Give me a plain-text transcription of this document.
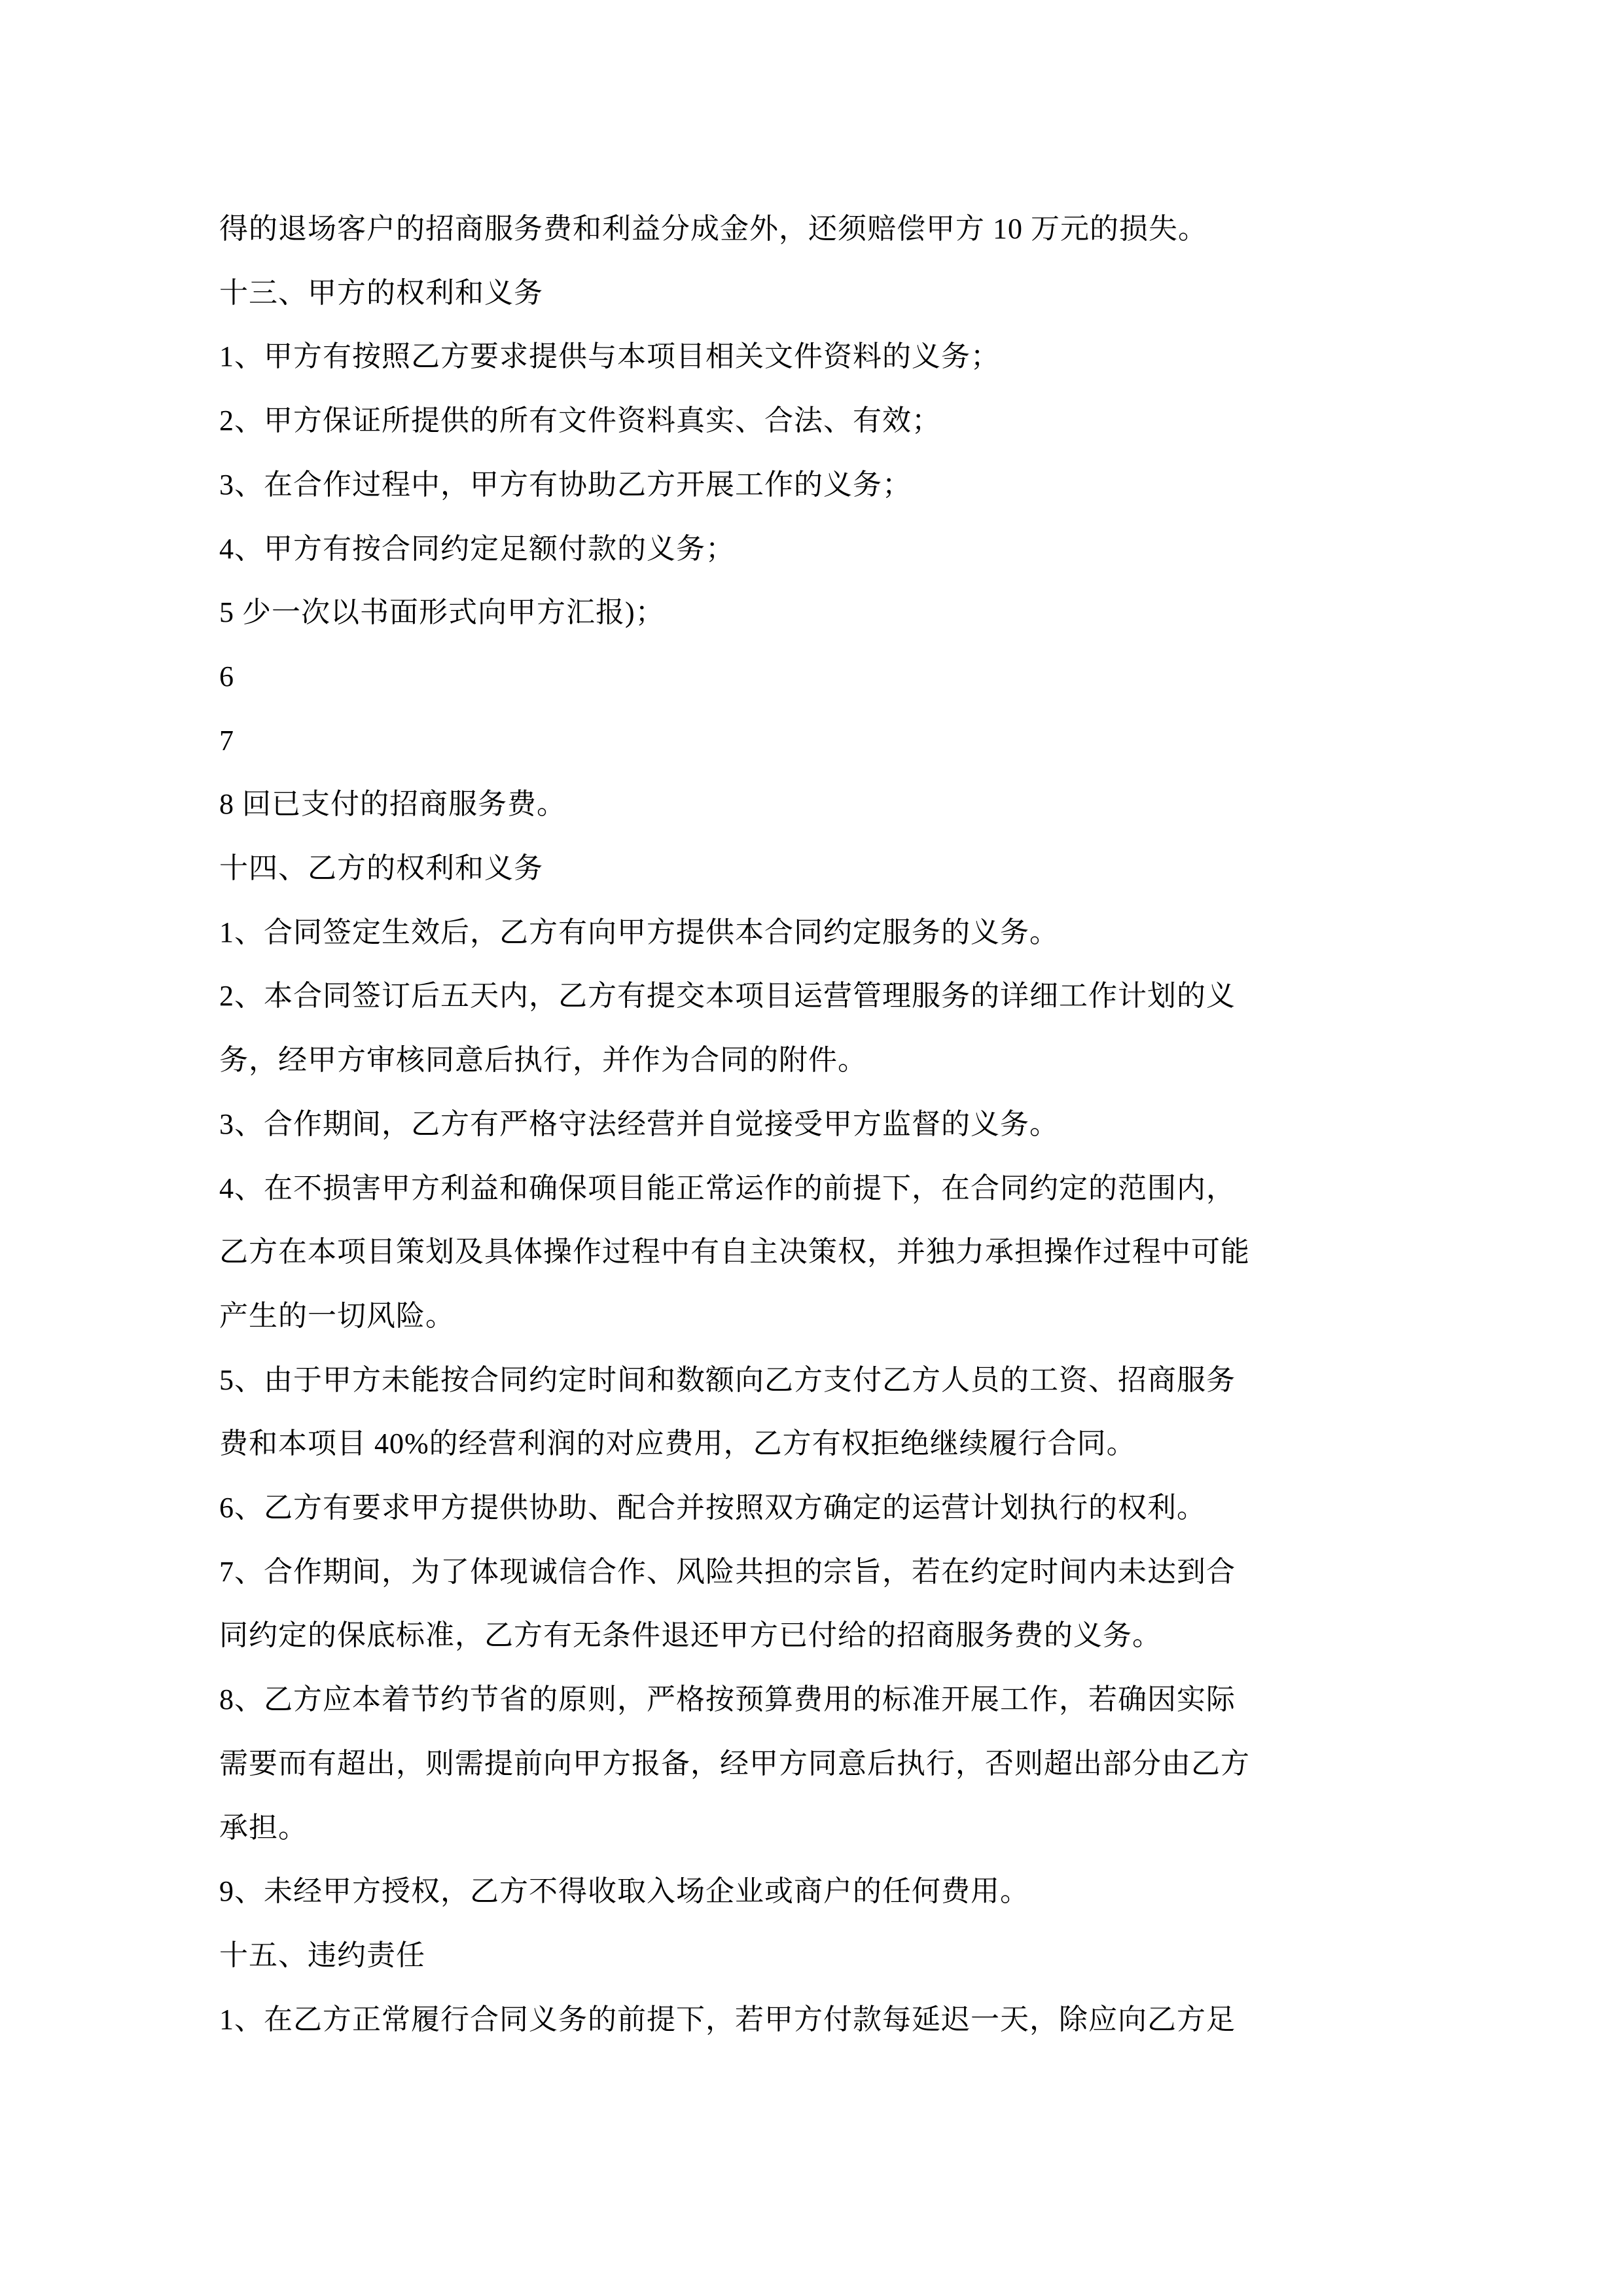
得的退场客户的招商服务费和利益分成金外，还须赔偿甲方 10 万元的损失。
十三、甲方的权利和义务
1、甲方有按照乙方要求提供与本项目相关文件资料的义务；
2、甲方保证所提供的所有文件资料真实、合法、有效；
3、在合作过程中，甲方有协助乙方开展工作的义务；
4、甲方有按合同约定足额付款的义务；
5 少一次以书面形式向甲方汇报)；
6
7
8 回已支付的招商服务费。
十四、乙方的权利和义务
1、合同签定生效后，乙方有向甲方提供本合同约定服务的义务。
2、本合同签订后五天内，乙方有提交本项目运营管理服务的详细工作计划的义
务，经甲方审核同意后执行，并作为合同的附件。
3、合作期间，乙方有严格守法经营并自觉接受甲方监督的义务。
4、在不损害甲方利益和确保项目能正常运作的前提下，在合同约定的范围内，
乙方在本项目策划及具体操作过程中有自主决策权，并独力承担操作过程中可能
产生的一切风险。
5、由于甲方未能按合同约定时间和数额向乙方支付乙方人员的工资、招商服务
费和本项目 40%的经营利润的对应费用，乙方有权拒绝继续履行合同。
6、乙方有要求甲方提供协助、配合并按照双方确定的运营计划执行的权利。
7、合作期间，为了体现诚信合作、风险共担的宗旨，若在约定时间内未达到合
同约定的保底标准，乙方有无条件退还甲方已付给的招商服务费的义务。
8、乙方应本着节约节省的原则，严格按预算费用的标准开展工作，若确因实际
需要而有超出，则需提前向甲方报备，经甲方同意后执行，否则超出部分由乙方
承担。
9、未经甲方授权，乙方不得收取入场企业或商户的任何费用。
十五、违约责任
1、在乙方正常履行合同义务的前提下，若甲方付款每延迟一天，除应向乙方足
